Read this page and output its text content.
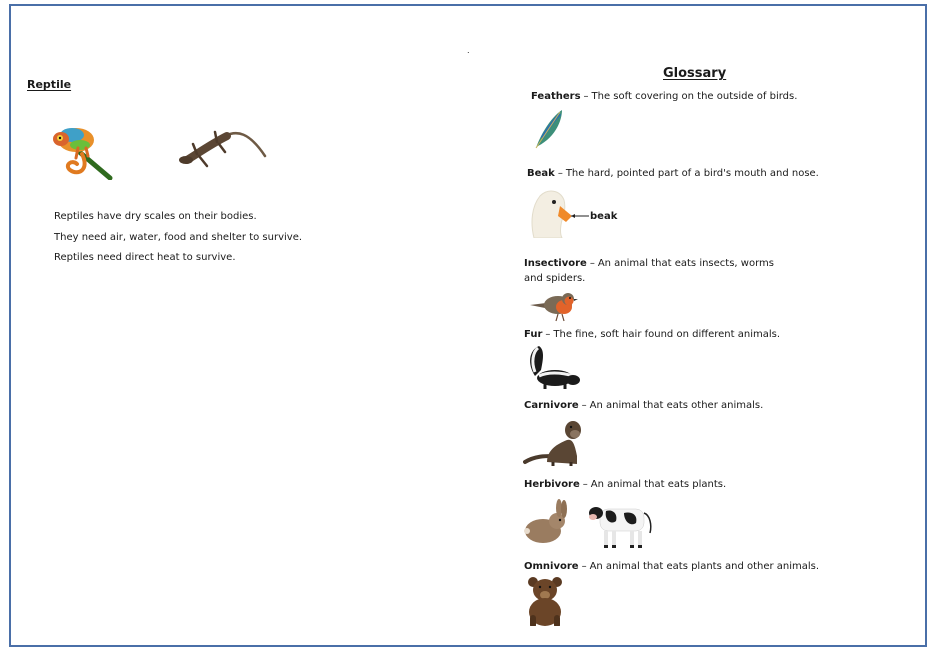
.
Reptile
Reptiles have dry scales on their bodies.
They need air, water, food and shelter to survive.
Reptiles need direct heat to survive.
Glossary
Feathers – The soft covering on the outside of birds.
Beak – The hard, pointed part of a bird's mouth and nose.
beak
Insectivore – An animal that eats insects, worms
and spiders.
Fur – The fine, soft hair found on different animals.
Carnivore – An animal that eats other animals.
Herbivore – An animal that eats plants.
Omnivore – An animal that eats plants and other animals.
